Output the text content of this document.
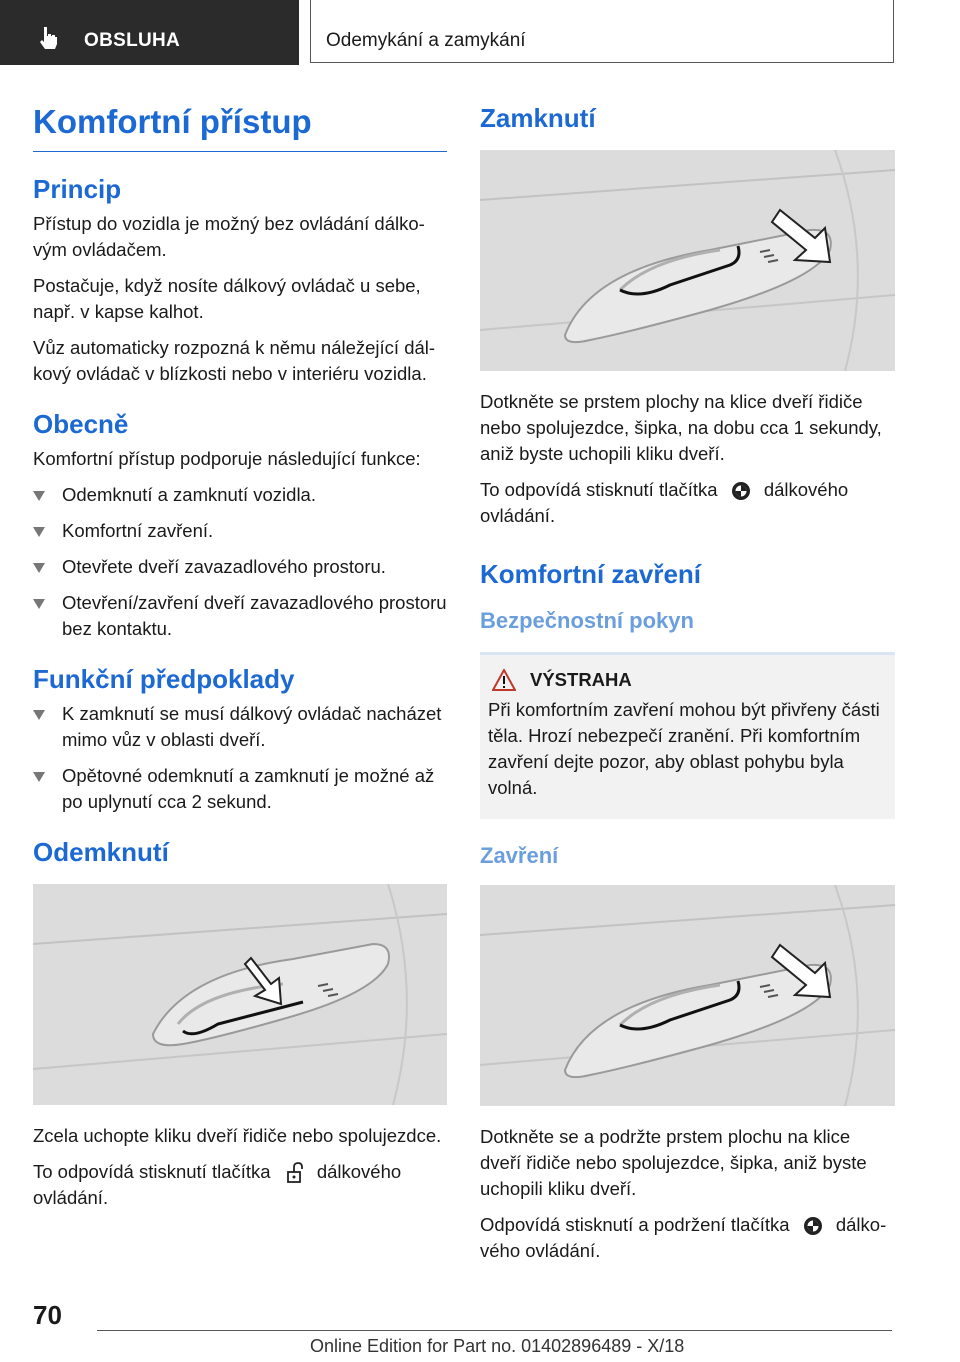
OBSLUHA	Odemykání a zamykání
Komfortní přístup
Princip

Přístup do vozidla je možný bez ovládání dálkovým ovládačem.

Postačuje, když nosíte dálkový ovládač u sebe, např. v kapse kalhot.

Vůz automaticky rozpozná k němu náležející dálkový ovládač v blízkosti nebo v interiéru vozidla.

Obecně

Komfortní přístup podporuje následující funkce:

Odemknutí a zamknutí vozidla.
Komfortní zavření.
Otevřete dveří zavazadlového prostoru.
Otevření/zavření dveří zavazadlového prostoru bez kontaktu.
Funkční předpoklady
K zamknutí se musí dálkový ovládač nacházet mimo vůz v oblasti dveří.
Opětovné odemknutí a zamknutí je možné až po uplynutí cca 2 sekund.
Odemknutí

Zcela uchopte kliku dveří řidiče nebo spolujezdce.

To odpovídá stisknutí tlačítka	dálkového ovládání.

Zamknutí

Dotkněte se prstem plochy na klice dveří řidiče nebo spolujezdce, šipka, na dobu cca 1 sekundy, aniž byste uchopili kliku dveří.

To odpovídá stisknutí tlačítka	dálkového ovládání.

Komfortní zavření
Bezpečnostní pokyn
VÝSTRAHA

Při komfortním zavření mohou být přivřeny části těla. Hrozí nebezpečí zranění. Při komfortním zavření dejte pozor, aby oblast pohybu byla volná.

Zavření

Dotkněte se a podržte prstem plochu na klice dveří řidiče nebo spolujezdce, šipka, aniž byste uchopili kliku dveří.

Odpovídá stisknutí a podržení tlačítka	dálkového ovládání.

70
Online Edition for Part no. 01402896489 - X/18
